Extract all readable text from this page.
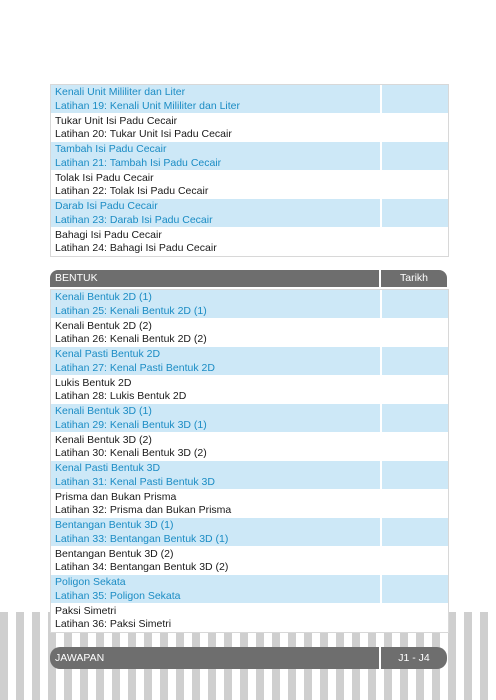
Kenali Unit Mililiter dan Liter
Latihan 19: Kenali Unit Mililiter dan Liter
Tukar Unit Isi Padu Cecair
Latihan 20: Tukar Unit Isi Padu Cecair
Tambah Isi Padu Cecair
Latihan 21: Tambah Isi Padu Cecair
Tolak Isi Padu Cecair
Latihan 22: Tolak Isi Padu Cecair
Darab Isi Padu Cecair
Latihan 23: Darab Isi Padu Cecair
Bahagi Isi Padu Cecair
Latihan 24: Bahagi Isi Padu Cecair
BENTUK	Tarikh
Kenali Bentuk 2D (1)
Latihan 25: Kenali Bentuk 2D (1)
Kenali Bentuk 2D (2)
Latihan 26: Kenali Bentuk 2D (2)
Kenal Pasti Bentuk 2D
Latihan 27: Kenal Pasti Bentuk 2D
Lukis Bentuk 2D
Latihan 28: Lukis Bentuk 2D
Kenali Bentuk 3D (1)
Latihan 29: Kenali Bentuk 3D (1)
Kenali Bentuk 3D (2)
Latihan 30: Kenali Bentuk 3D (2)
Kenal Pasti Bentuk 3D
Latihan 31: Kenal Pasti Bentuk 3D
Prisma dan Bukan Prisma
Latihan 32: Prisma dan Bukan Prisma
Bentangan Bentuk 3D (1)
Latihan 33: Bentangan Bentuk 3D (1)
Bentangan Bentuk 3D (2)
Latihan 34: Bentangan Bentuk 3D (2)
Poligon Sekata
Latihan 35: Poligon Sekata
Paksi Simetri
Latihan 36: Paksi Simetri
JAWAPAN	J1 - J4
